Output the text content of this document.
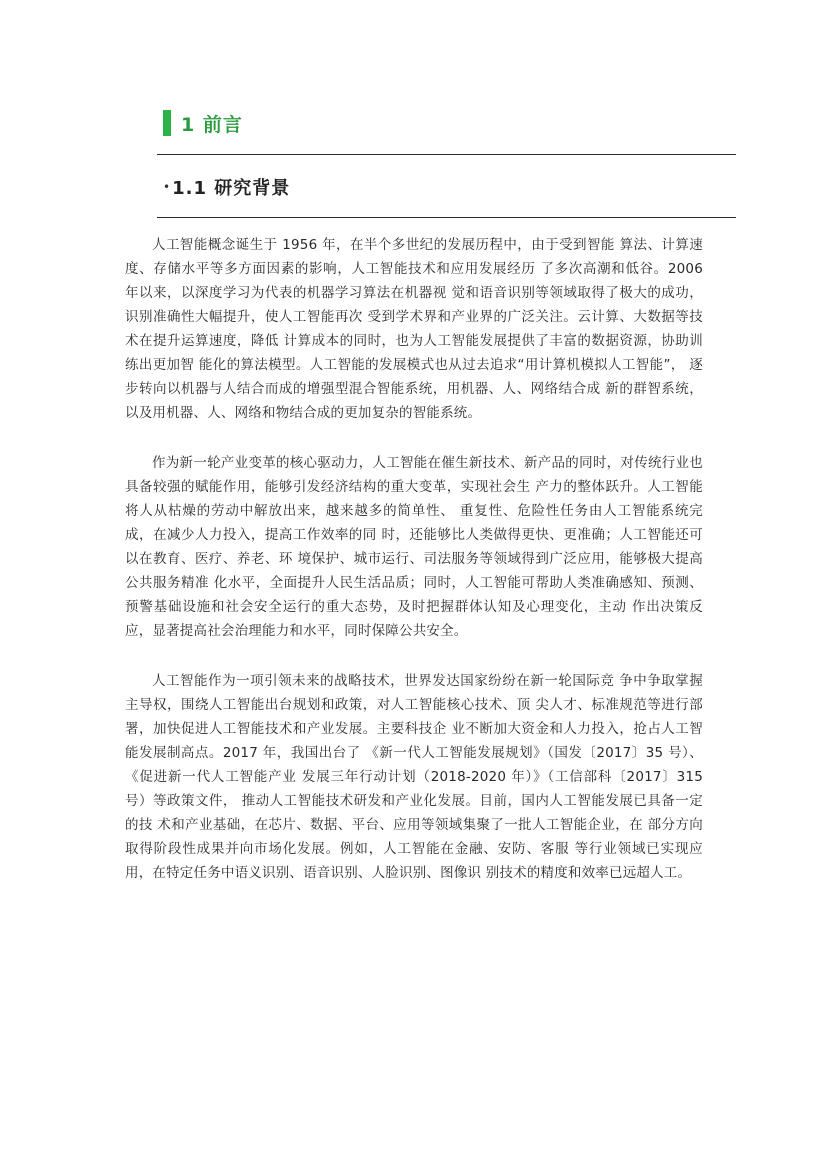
1 前言
• 1.1 研究背景

人工智能概念诞生于 1956 年，在半个多世纪的发展历程中，由于受到智能 算法、计算速度、存储水平等多方面因素的影响，人工智能技术和应用发展经历 了多次高潮和低谷。2006 年以来，以深度学习为代表的机器学习算法在机器视 觉和语音识别等领域取得了极大的成功，识别准确性大幅提升，使人工智能再次 受到学术界和产业界的广泛关注。云计算、大数据等技术在提升运算速度，降低 计算成本的同时，也为人工智能发展提供了丰富的数据资源，协助训练出更加智 能化的算法模型。人工智能的发展模式也从过去追求“用计算机模拟人工智能”， 逐步转向以机器与人结合而成的增强型混合智能系统，用机器、人、网络结合成 新的群智系统，以及用机器、人、网络和物结合成的更加复杂的智能系统。

作为新一轮产业变革的核心驱动力，人工智能在催生新技术、新产品的同时，对传统行业也具备较强的赋能作用，能够引发经济结构的重大变革，实现社会生 产力的整体跃升。人工智能将人从枯燥的劳动中解放出来，越来越多的简单性、 重复性、危险性任务由人工智能系统完成，在减少人力投入，提高工作效率的同 时，还能够比人类做得更快、更准确；人工智能还可以在教育、医疗、养老、环 境保护、城市运行、司法服务等领域得到广泛应用，能够极大提高公共服务精准 化水平，全面提升人民生活品质；同时，人工智能可帮助人类准确感知、预测、 预警基础设施和社会安全运行的重大态势，及时把握群体认知及心理变化，主动 作出决策反应，显著提高社会治理能力和水平，同时保障公共安全。

人工智能作为一项引领未来的战略技术，世界发达国家纷纷在新一轮国际竞 争中争取掌握主导权，围绕人工智能出台规划和政策，对人工智能核心技术、顶 尖人才、标准规范等进行部署，加快促进人工智能技术和产业发展。主要科技企 业不断加大资金和人力投入，抢占人工智能发展制高点。2017 年，我国出台了 《新一代人工智能发展规划》（国发〔2017〕35 号）、《促进新一代人工智能产业 发展三年行动计划（2018-2020 年）》（工信部科〔2017〕315 号）等政策文件， 推动人工智能技术研发和产业化发展。目前，国内人工智能发展已具备一定的技 术和产业基础，在芯片、数据、平台、应用等领域集聚了一批人工智能企业，在 部分方向取得阶段性成果并向市场化发展。例如，人工智能在金融、安防、客服 等行业领域已实现应用，在特定任务中语义识别、语音识别、人脸识别、图像识 别技术的精度和效率已远超人工。
